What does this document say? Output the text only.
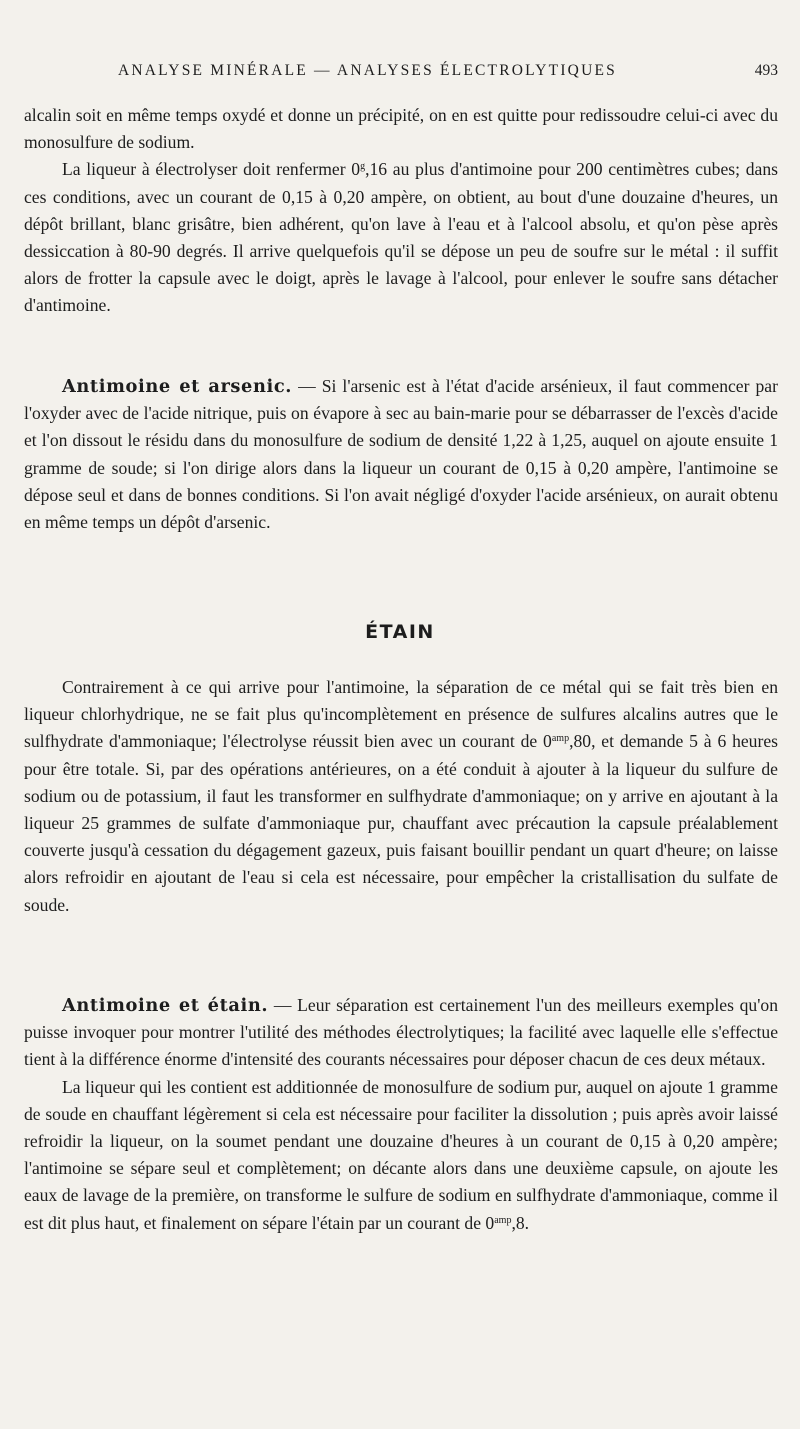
ANALYSE MINÉRALE — ANALYSES ÉLECTROLYTIQUES	493

alcalin soit en même temps oxydé et donne un précipité, on en est quitte pour redissoudre celui-ci avec du monosulfure de sodium.

La liqueur à électrolyser doit renfermer 0$^g$,16 au plus d'antimoine pour 200 centimètres cubes; dans ces conditions, avec un courant de 0,15 à 0,20 ampère, on obtient, au bout d'une douzaine d'heures, un dépôt brillant, blanc grisâtre, bien adhérent, qu'on lave à l'eau et à l'alcool absolu, et qu'on pèse après dessiccation à 80-90 degrés. Il arrive quelquefois qu'il se dépose un peu de soufre sur le métal : il suffit alors de frotter la capsule avec le doigt, après le lavage à l'alcool, pour enlever le soufre sans détacher d'antimoine.

Antimoine et arsenic. — Si l'arsenic est à l'état d'acide arsénieux, il faut commencer par l'oxyder avec de l'acide nitrique, puis on évapore à sec au bain-marie pour se débarrasser de l'excès d'acide et l'on dissout le résidu dans du monosulfure de sodium de densité 1,22 à 1,25, auquel on ajoute ensuite 1 gramme de soude; si l'on dirige alors dans la liqueur un courant de 0,15 à 0,20 ampère, l'antimoine se dépose seul et dans de bonnes conditions. Si l'on avait négligé d'oxyder l'acide arsénieux, on aurait obtenu en même temps un dépôt d'arsenic.

ÉTAIN

Contrairement à ce qui arrive pour l'antimoine, la séparation de ce métal qui se fait très bien en liqueur chlorhydrique, ne se fait plus qu'incomplètement en présence de sulfures alcalins autres que le sulfhydrate d'ammoniaque; l'électrolyse réussit bien avec un courant de $0^{amp},80$, et demande 5 à 6 heures pour être totale. Si, par des opérations antérieures, on a été conduit à ajouter à la liqueur du sulfure de sodium ou de potassium, il faut les transformer en sulfhydrate d'ammoniaque; on y arrive en ajoutant à la liqueur 25 grammes de sulfate d'ammoniaque pur, chauffant avec précaution la capsule préalablement couverte jusqu'à cessation du dégagement gazeux, puis faisant bouillir pendant un quart d'heure; on laisse alors refroidir en ajoutant de l'eau si cela est nécessaire, pour empêcher la cristallisation du sulfate de soude.

Antimoine et étain. — Leur séparation est certainement l'un des meilleurs exemples qu'on puisse invoquer pour montrer l'utilité des méthodes électrolytiques; la facilité avec laquelle elle s'effectue tient à la différence énorme d'intensité des courants nécessaires pour déposer chacun de ces deux métaux.

La liqueur qui les contient est additionnée de monosulfure de sodium pur, auquel on ajoute 1 gramme de soude en chauffant légèrement si cela est nécessaire pour faciliter la dissolution ; puis après avoir laissé refroidir la liqueur, on la soumet pendant une douzaine d'heures à un courant de 0,15 à 0,20 ampère; l'antimoine se sépare seul et complètement; on décante alors dans une deuxième capsule, on ajoute les eaux de lavage de la première, on transforme le sulfure de sodium en sulfhydrate d'ammoniaque, comme il est dit plus haut, et finalement on sépare l'étain par un courant de $0^{amp},8$.
